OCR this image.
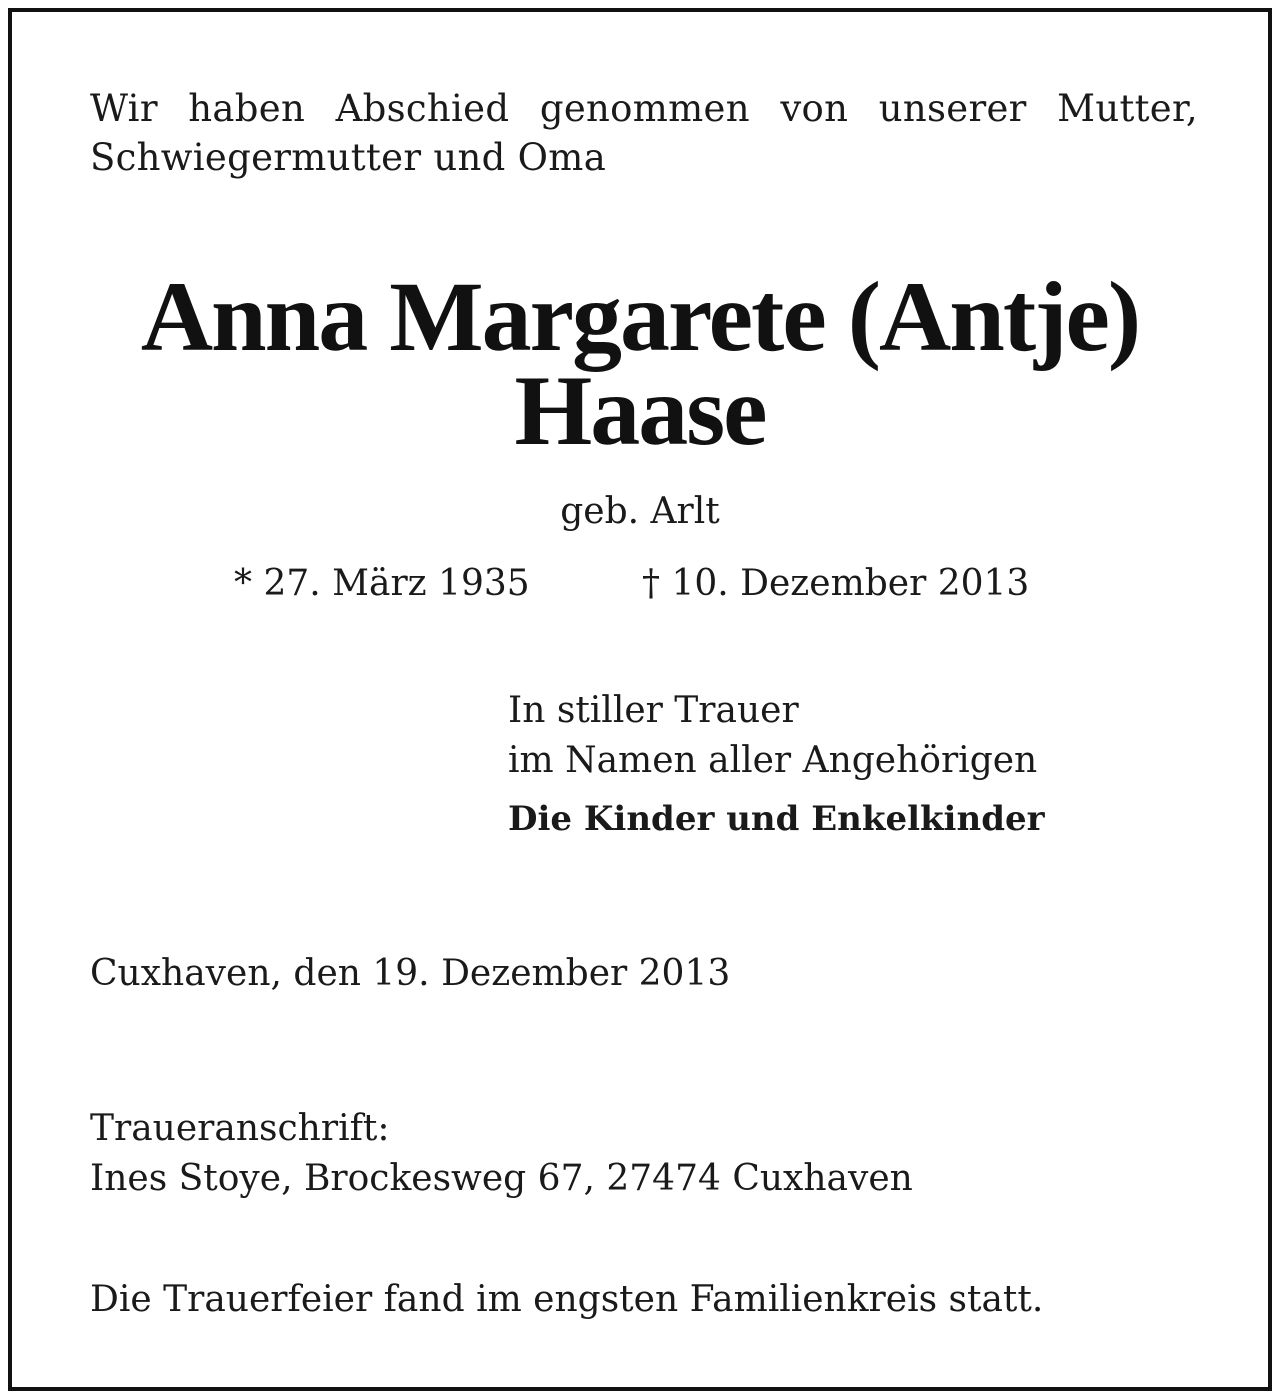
Wir haben Abschied genommen von unserer Mutter,
Schwiegermutter und Oma
Anna Margarete (Antje)
Haase
geb. Arlt
* 27. März 1935	† 10. Dezember 2013
In stiller Trauer
im Namen aller Angehörigen
Die Kinder und Enkelkinder
Cuxhaven, den 19. Dezember 2013
Traueranschrift:
Ines Stoye, Brockesweg 67, 27474 Cuxhaven
Die Trauerfeier fand im engsten Familienkreis statt.
